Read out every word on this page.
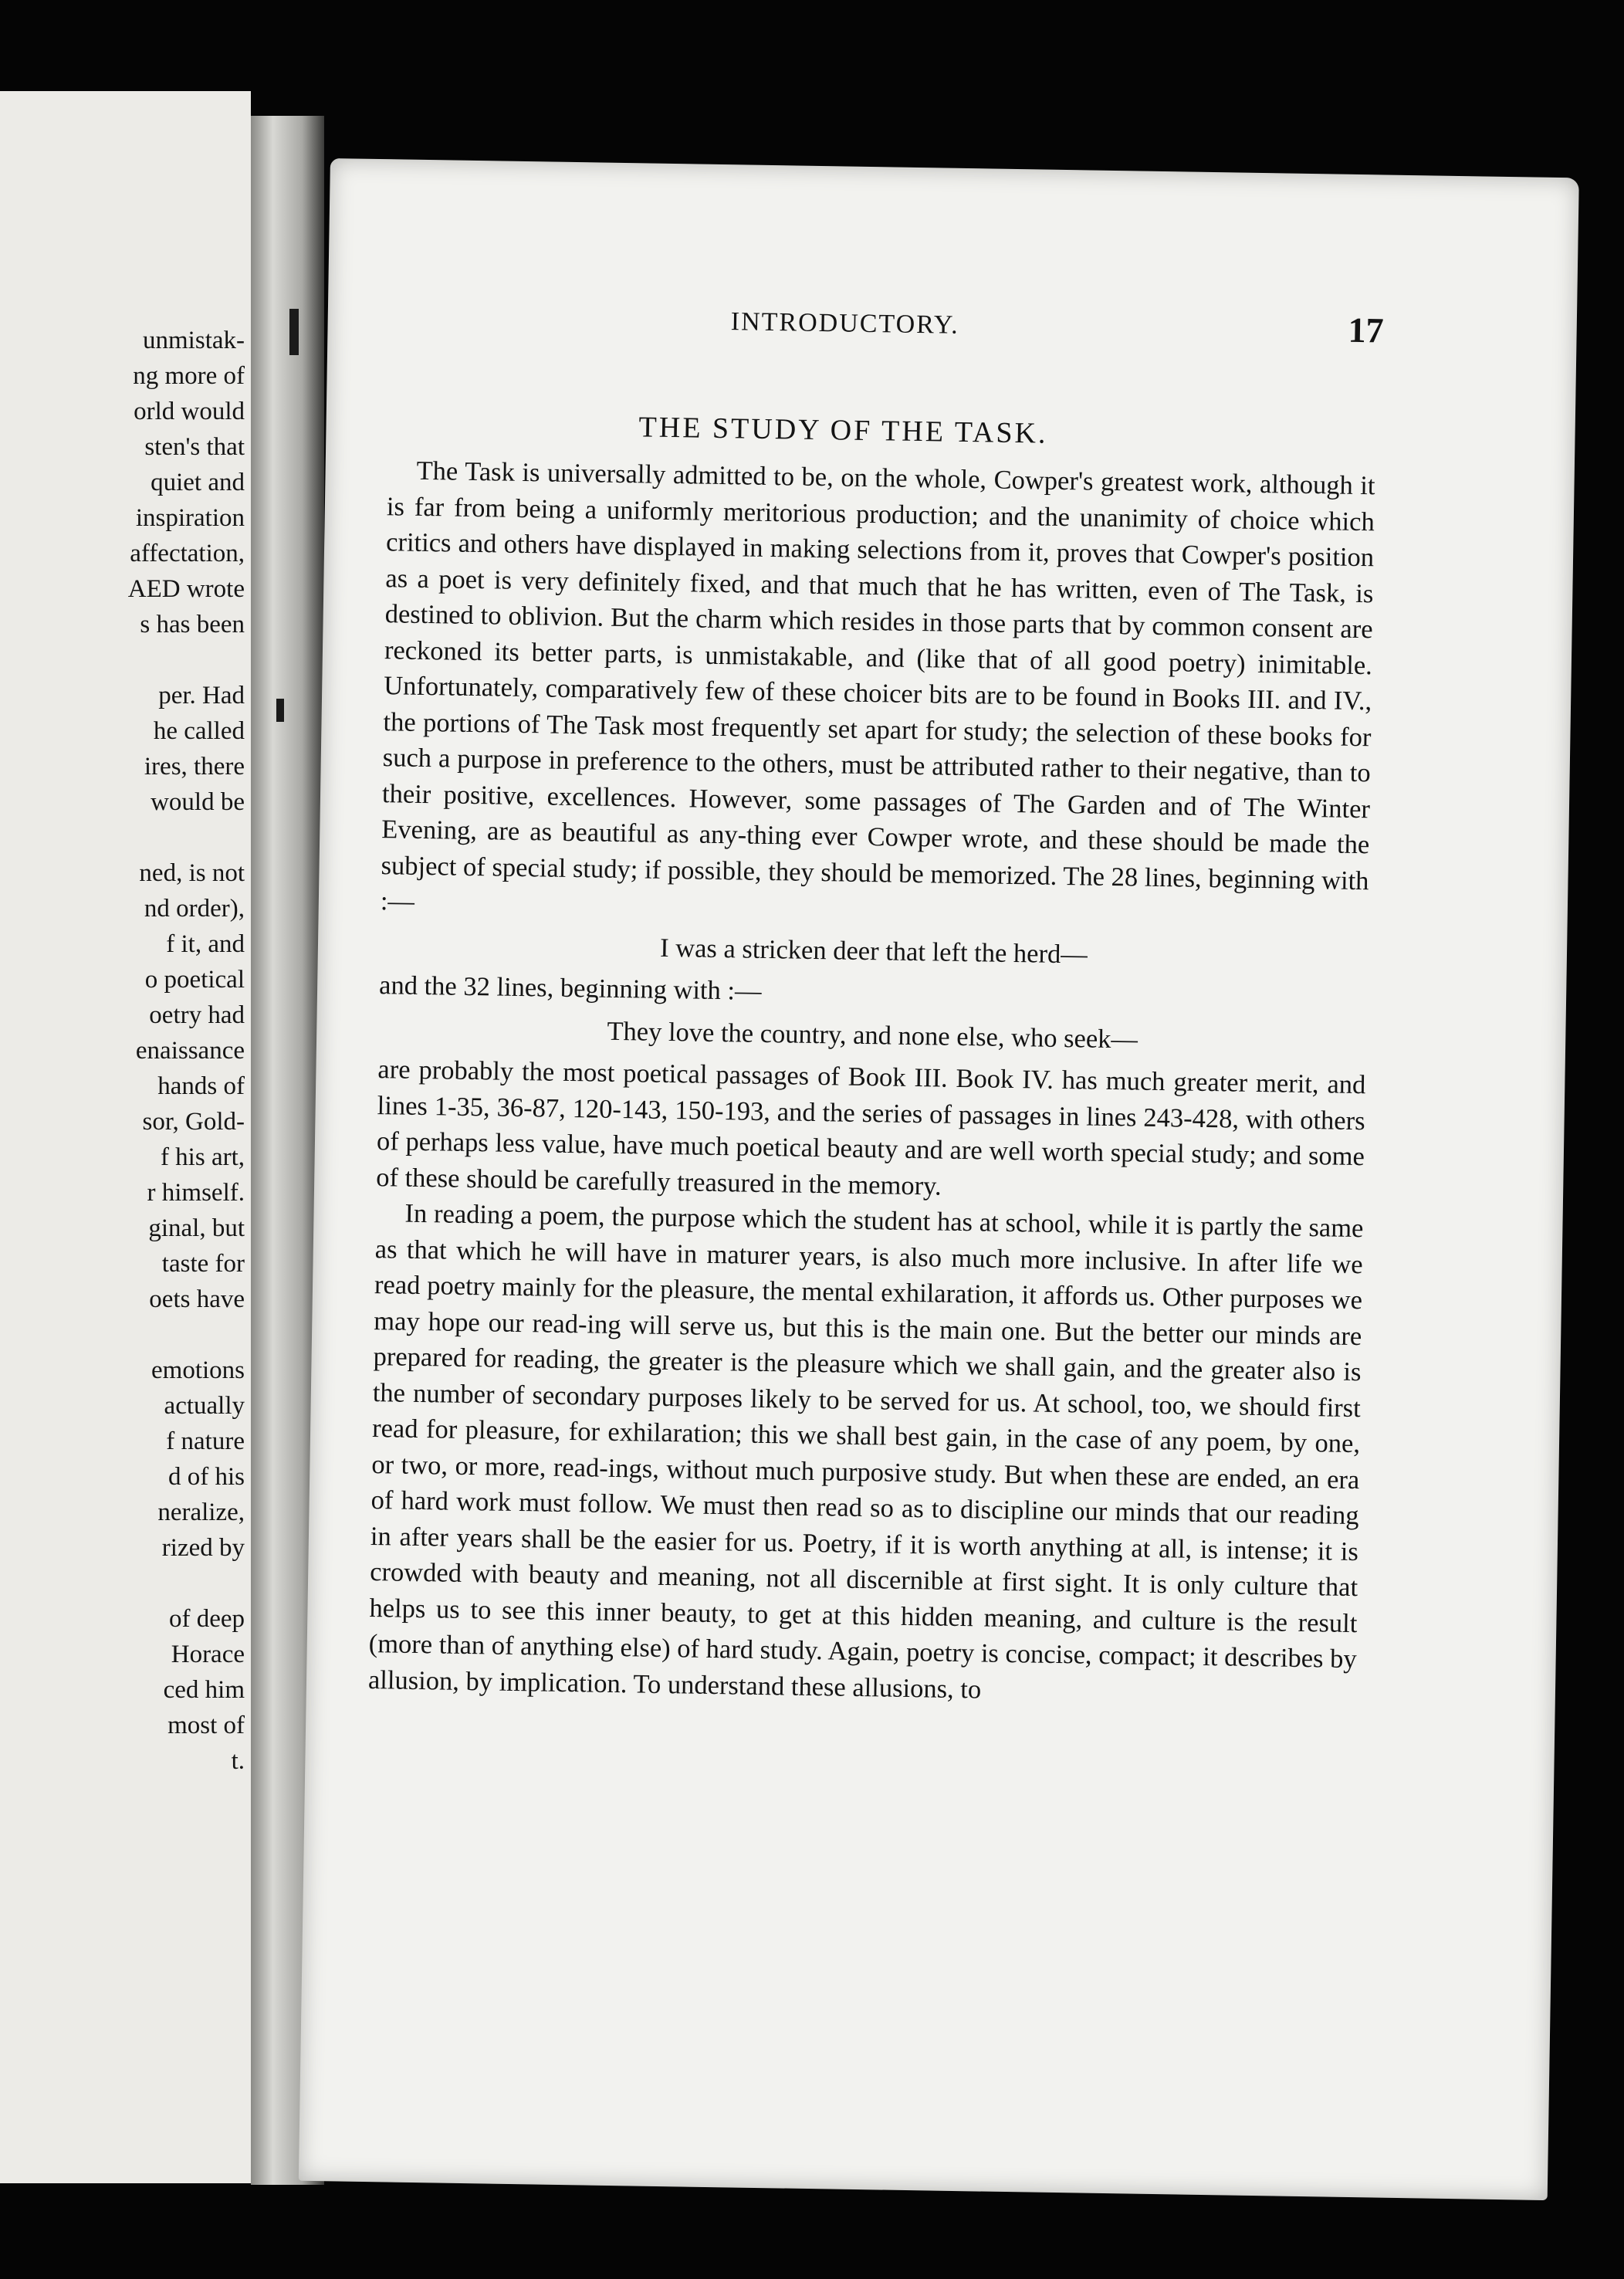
unmistak-
ng more of
orld would
sten's that
quiet and
inspiration
affectation,
AED wrote
s has been
per. Had
he called
ires, there
would be
ned, is not
nd order),
f it, and
o poetical
oetry had
enaissance
hands of
sor, Gold-
f his art,
r himself.
ginal, but
taste for
oets have
emotions
actually
f nature
d of his
neralize,
rized by
of deep
Horace
ced him
most of
t.
INTRODUCTORY.	17
THE STUDY OF THE TASK.

The Task is universally admitted to be, on the whole, Cowper's greatest work, although it is far from being a uniformly meritorious production; and the unanimity of choice which critics and others have displayed in making selections from it, proves that Cowper's position as a poet is very definitely fixed, and that much that he has written, even of The Task, is destined to oblivion. But the charm which resides in those parts that by common consent are reckoned its better parts, is unmistakable, and (like that of all good poetry) inimitable. Unfortunately, comparatively few of these choicer bits are to be found in Books III. and IV., the portions of The Task most frequently set apart for study; the selection of these books for such a purpose in preference to the others, must be attributed rather to their negative, than to their positive, excellences. However, some passages of The Garden and of The Winter Evening, are as beautiful as any-thing ever Cowper wrote, and these should be made the subject of special study; if possible, they should be memorized. The 28 lines, beginning with :—

I was a stricken deer that left the herd—

and the 32 lines, beginning with :—

They love the country, and none else, who seek—

are probably the most poetical passages of Book III. Book IV. has much greater merit, and lines 1-35, 36-87, 120-143, 150-193, and the series of passages in lines 243-428, with others of perhaps less value, have much poetical beauty and are well worth special study; and some of these should be carefully treasured in the memory.

In reading a poem, the purpose which the student has at school, while it is partly the same as that which he will have in maturer years, is also much more inclusive. In after life we read poetry mainly for the pleasure, the mental exhilaration, it affords us. Other purposes we may hope our read-ing will serve us, but this is the main one. But the better our minds are prepared for reading, the greater is the pleasure which we shall gain, and the greater also is the number of secondary purposes likely to be served for us. At school, too, we should first read for pleasure, for exhilaration; this we shall best gain, in the case of any poem, by one, or two, or more, read-ings, without much purposive study. But when these are ended, an era of hard work must follow. We must then read so as to discipline our minds that our reading in after years shall be the easier for us. Poetry, if it is worth anything at all, is intense; it is crowded with beauty and meaning, not all discernible at first sight. It is only culture that helps us to see this inner beauty, to get at this hidden meaning, and culture is the result (more than of anything else) of hard study. Again, poetry is concise, compact; it describes by allusion, by implication. To understand these allusions, to
